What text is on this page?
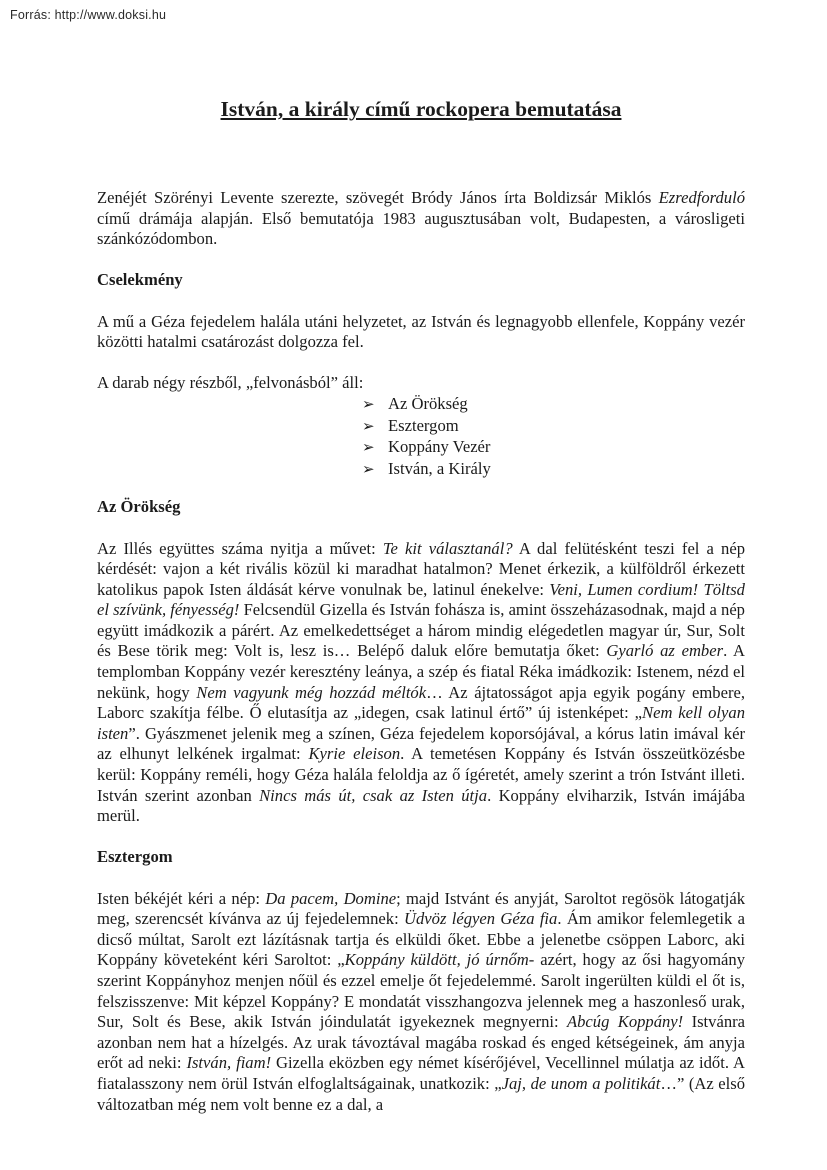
Forrás: http://www.doksi.hu
István, a király című rockopera bemutatása

Zenéjét Szörényi Levente szerezte, szövegét Bródy János írta Boldizsár Miklós Ezredforduló című drámája alapján. Első bemutatója 1983 augusztusában volt, Budapesten, a városligeti szánkózódombon.

Cselekmény

A mű a Géza fejedelem halála utáni helyzetet, az István és legnagyobb ellenfele, Koppány vezér közötti hatalmi csatározást dolgozza fel.

A darab négy részből, „felvonásból” áll:

➢ Az Örökség
➢ Esztergom
➢ Koppány Vezér
➢ István, a Király
Az Örökség

Az Illés együttes száma nyitja a művet: Te kit választanál? A dal felütésként teszi fel a nép kérdését: vajon a két rivális közül ki maradhat hatalmon? Menet érkezik, a külföldről érkezett katolikus papok Isten áldását kérve vonulnak be, latinul énekelve: Veni, Lumen cordium! Töltsd el szívünk, fényesség! Felcsendül Gizella és István fohásza is, amint összeházasodnak, majd a nép együtt imádkozik a párért. Az emelkedettséget a három mindig elégedetlen magyar úr, Sur, Solt és Bese törik meg: Volt is, lesz is… Belépő daluk előre bemutatja őket: Gyarló az ember. A templomban Koppány vezér keresztény leánya, a szép és fiatal Réka imádkozik: Istenem, nézd el nekünk, hogy Nem vagyunk még hozzád méltók… Az ájtatosságot apja egyik pogány embere, Laborc szakítja félbe. Ő elutasítja az „idegen, csak latinul értő” új istenképet: „Nem kell olyan isten”. Gyászmenet jelenik meg a színen, Géza fejedelem koporsójával, a kórus latin imával kér az elhunyt lelkének irgalmat: Kyrie eleison. A temetésen Koppány és István összeütközésbe kerül: Koppány reméli, hogy Géza halála feloldja az ő ígéretét, amely szerint a trón Istvánt illeti. István szerint azonban Nincs más út, csak az Isten útja. Koppány elviharzik, István imájába merül.

Esztergom

Isten békéjét kéri a nép: Da pacem, Domine; majd Istvánt és anyját, Saroltot regösök látogatják meg, szerencsét kívánva az új fejedelemnek: Üdvöz légyen Géza fia. Ám amikor felemlegetik a dicső múltat, Sarolt ezt lázításnak tartja és elküldi őket. Ebbe a jelenetbe csöppen Laborc, aki Koppány követeként kéri Saroltot: „Koppány küldött, jó úrnőm- azért, hogy az ősi hagyomány szerint Koppányhoz menjen nőül és ezzel emelje őt fejedelemmé. Sarolt ingerülten küldi el őt is, felszisszenve: Mit képzel Koppány? E mondatát visszhangozva jelennek meg a haszonleső urak, Sur, Solt és Bese, akik István jóindulatát igyekeznek megnyerni: Abcúg Koppány! Istvánra azonban nem hat a hízelgés. Az urak távoztával magába roskad és enged kétségeinek, ám anyja erőt ad neki: István, fiam! Gizella eközben egy német kísérőjével, Vecellinnel múlatja az időt. A fiatalasszony nem örül István elfoglaltságainak, unatkozik: „Jaj, de unom a politikát…” (Az első változatban még nem volt benne ez a dal, a
